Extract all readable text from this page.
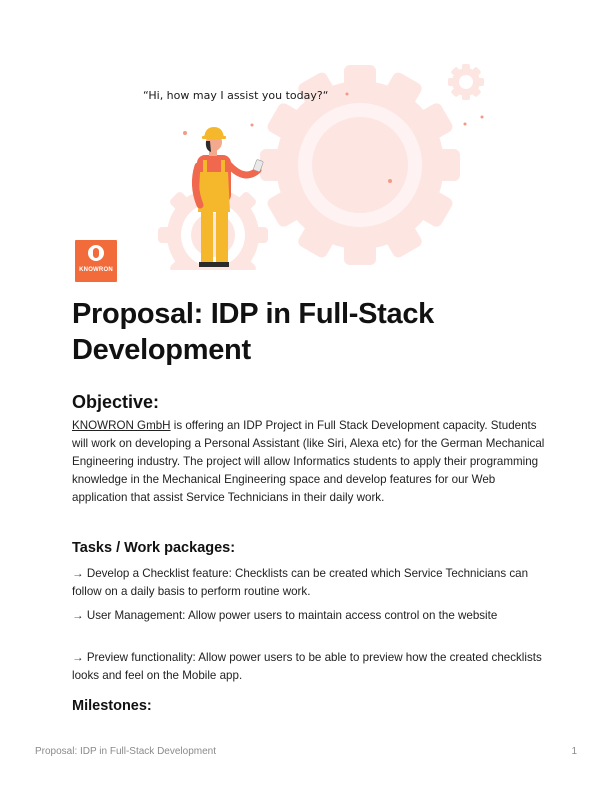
“Hi, how may I assist you today?“
KNOWRON
Proposal: IDP in Full-Stack Development
Objective:

KNOWRON GmbH is offering an IDP Project in Full Stack Development capacity. Students will work on developing a Personal Assistant (like Siri, Alexa etc) for the German Mechanical Engineering industry. The project will allow Informatics students to apply their programming knowledge in the Mechanical Engineering space and develop features for our Web application that assist Service Technicians in their daily work.

Tasks / Work packages:

→ Develop a Checklist feature: Checklists can be created which Service Technicians can follow on a daily basis to perform routine work.

→ User Management: Allow power users to maintain access control on the website

→ Preview functionality: Allow power users to be able to preview how the created checklists looks and feel on the Mobile app.

Milestones:
Proposal: IDP in Full-Stack Development	1
